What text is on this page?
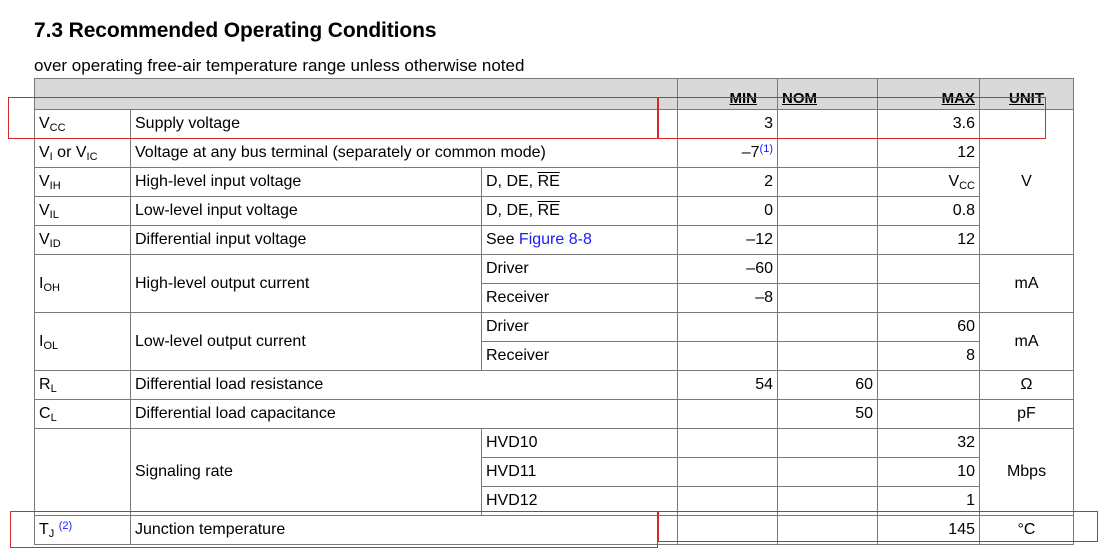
7.3 Recommended Operating Conditions

over operating free-air temperature range unless otherwise noted

			MIN	NOM	MAX	UNIT
$V_{CC}$	Supply voltage		3		3.6	V
$V_I$ or $V_{IC}$	Voltage at any bus terminal (separately or common mode)		–7$^{(1)}$		12	
$V_{IH}$	High-level input voltage	D, DE, $\overline{RE}$	2		$V_{CC}$
$V_{IL}$	Low-level input voltage	D, DE, $\overline{RE}$	0		0.8	
$V_{ID}$	Differential input voltage	See Figure 8-8	–12		12	
$I_{OH}$	High-level output current	Driver	–60			mA
		Receiver	–8			
$I_{OL}$	Low-level output current	Driver			60	mA
		Receiver			8	
$R_L$	Differential load resistance		54	60		Ω
$C_L$	Differential load capacitance			50		pF
	Signaling rate	HVD10			32	Mbps
		HVD11			10	
		HVD12			1	
$T_J$ $^{(2)}$	Junction temperature				145	°C
